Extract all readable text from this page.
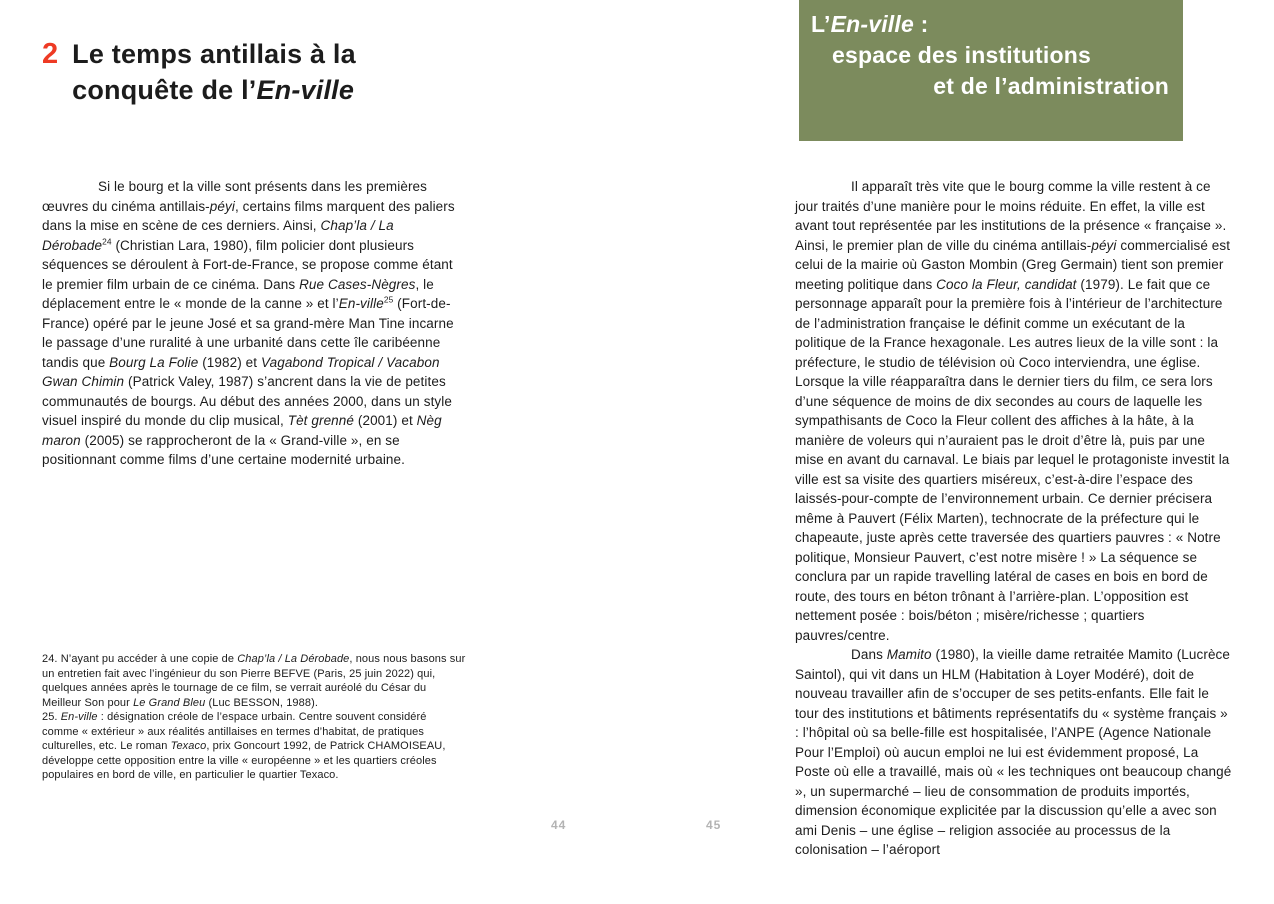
2 Le temps antillais à la
conquête de l’En-ville

Si le bourg et la ville sont présents dans les premières œuvres du cinéma antillais-péyi, certains films marquent des paliers dans la mise en scène de ces derniers. Ainsi, Chap’la / La Dérobade$^{24}$ (Christian Lara, 1980), film policier dont plusieurs séquences se déroulent à Fort-de-France, se propose comme étant le premier film urbain de ce cinéma. Dans Rue Cases-Nègres, le déplacement entre le « monde de la canne » et l’En-ville$^{25}$ (Fort-de-France) opéré par le jeune José et sa grand-mère Man Tine incarne le passage d’une ruralité à une urbanité dans cette île caribéenne tandis que Bourg La Folie (1982) et Vagabond Tropical / Vacabon Gwan Chimin (Patrick Valey, 1987) s’ancrent dans la vie de petites communautés de bourgs. Au début des années 2000, dans un style visuel inspiré du monde du clip musical, Tèt grenné (2001) et Nèg maron (2005) se rapprocheront de la « Grand-ville », en se positionnant comme films d’une certaine modernité urbaine.

24. N’ayant pu accéder à une copie de Chap’la / La Dérobade, nous nous basons sur un entretien fait avec l’ingénieur du son Pierre BEFVE (Paris, 25 juin 2022) qui, quelques années après le tournage de ce film, se verrait auréolé du César du Meilleur Son pour Le Grand Bleu (Luc BESSON, 1988).

25. En-ville : désignation créole de l’espace urbain. Centre souvent considéré comme « extérieur » aux réalités antillaises en termes d’habitat, de pratiques culturelles, etc. Le roman Texaco, prix Goncourt 1992, de Patrick CHAMOISEAU, développe cette opposition entre la ville « européenne » et les quartiers créoles populaires en bord de ville, en particulier le quartier Texaco.

L’En-ville :
espace des institutions
et de l’administration

Il apparaît très vite que le bourg comme la ville restent à ce jour traités d’une manière pour le moins réduite. En effet, la ville est avant tout représentée par les institutions de la présence « française ». Ainsi, le premier plan de ville du cinéma antillais-péyi commercialisé est celui de la mairie où Gaston Mombin (Greg Germain) tient son premier meeting politique dans Coco la Fleur, candidat (1979). Le fait que ce personnage apparaît pour la première fois à l’intérieur de l’architecture de l’administration française le définit comme un exécutant de la politique de la France hexagonale. Les autres lieux de la ville sont : la préfecture, le studio de télévision où Coco interviendra, une église. Lorsque la ville réapparaîtra dans le dernier tiers du film, ce sera lors d’une séquence de moins de dix secondes au cours de laquelle les sympathisants de Coco la Fleur collent des affiches à la hâte, à la manière de voleurs qui n’auraient pas le droit d’être là, puis par une mise en avant du carnaval. Le biais par lequel le protagoniste investit la ville est sa visite des quartiers miséreux, c’est-à-dire l’espace des laissés-pour-compte de l’environnement urbain. Ce dernier précisera même à Pauvert (Félix Marten), technocrate de la préfecture qui le chapeaute, juste après cette traversée des quartiers pauvres : « Notre politique, Monsieur Pauvert, c’est notre misère ! » La séquence se conclura par un rapide travelling latéral de cases en bois en bord de route, des tours en béton trônant à l’arrière-plan. L’opposition est nettement posée : bois/béton ; misère/richesse ; quartiers pauvres/centre.

Dans Mamito (1980), la vieille dame retraitée Mamito (Lucrèce Saintol), qui vit dans un HLM (Habitation à Loyer Modéré), doit de nouveau travailler afin de s’occuper de ses petits-enfants. Elle fait le tour des institutions et bâtiments représentatifs du « système français » : l’hôpital où sa belle-fille est hospitalisée, l’ANPE (Agence Nationale Pour l’Emploi) où aucun emploi ne lui est évidemment proposé, La Poste où elle a travaillé, mais où « les techniques ont beaucoup changé », un supermarché – lieu de consommation de produits importés, dimension économique explicitée par la discussion qu’elle a avec son ami Denis – une église – religion associée au processus de la colonisation – l’aéroport

44	45
